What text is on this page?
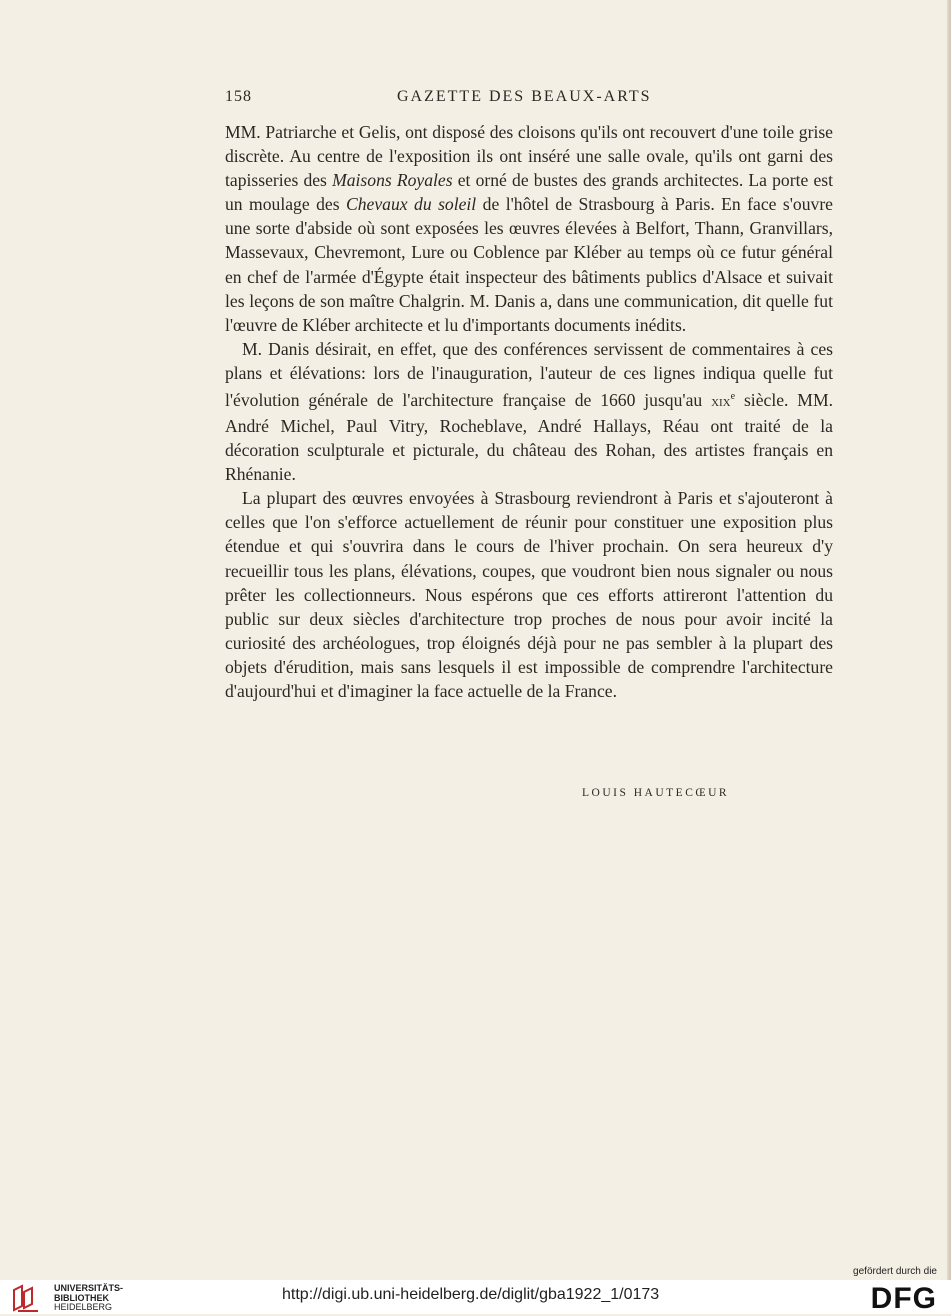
158	GAZETTE DES BEAUX-ARTS

MM. Patriarche et Gelis, ont disposé des cloisons qu'ils ont recouvert d'une toile grise discrète. Au centre de l'exposition ils ont inséré une salle ovale, qu'ils ont garni des tapisseries des Maisons Royales et orné de bustes des grands architectes. La porte est un moulage des Chevaux du soleil de l'hôtel de Strasbourg à Paris. En face s'ouvre une sorte d'abside où sont exposées les œuvres élevées à Belfort, Thann, Granvillars, Massevaux, Chevremont, Lure ou Coblence par Kléber au temps où ce futur général en chef de l'armée d'Égypte était inspecteur des bâtiments publics d'Alsace et suivait les leçons de son maître Chalgrin. M. Danis a, dans une communication, dit quelle fut l'œuvre de Kléber architecte et lu d'importants documents inédits.

M. Danis désirait, en effet, que des conférences servissent de commentaires à ces plans et élévations: lors de l'inauguration, l'auteur de ces lignes indiqua quelle fut l'évolution générale de l'architecture française de 1660 jusqu'au xix$^e$ siècle. MM. André Michel, Paul Vitry, Rocheblave, André Hallays, Réau ont traité de la décoration sculpturale et picturale, du château des Rohan, des artistes français en Rhénanie.

La plupart des œuvres envoyées à Strasbourg reviendront à Paris et s'ajouteront à celles que l'on s'efforce actuellement de réunir pour constituer une exposition plus étendue et qui s'ouvrira dans le cours de l'hiver prochain. On sera heureux d'y recueillir tous les plans, élévations, coupes, que voudront bien nous signaler ou nous prêter les collectionneurs. Nous espérons que ces efforts attireront l'attention du public sur deux siècles d'architecture trop proches de nous pour avoir incité la curiosité des archéologues, trop éloignés déjà pour ne pas sembler à la plupart des objets d'érudition, mais sans lesquels il est impossible de comprendre l'architecture d'aujourd'hui et d'imaginer la face actuelle de la France.

LOUIS HAUTECŒUR
UNIVERSITÄTS-
BIBLIOTHEK
HEIDELBERG
http://digi.ub.uni-heidelberg.de/diglit/gba1922_1/0173
gefördert durch die
DFG
